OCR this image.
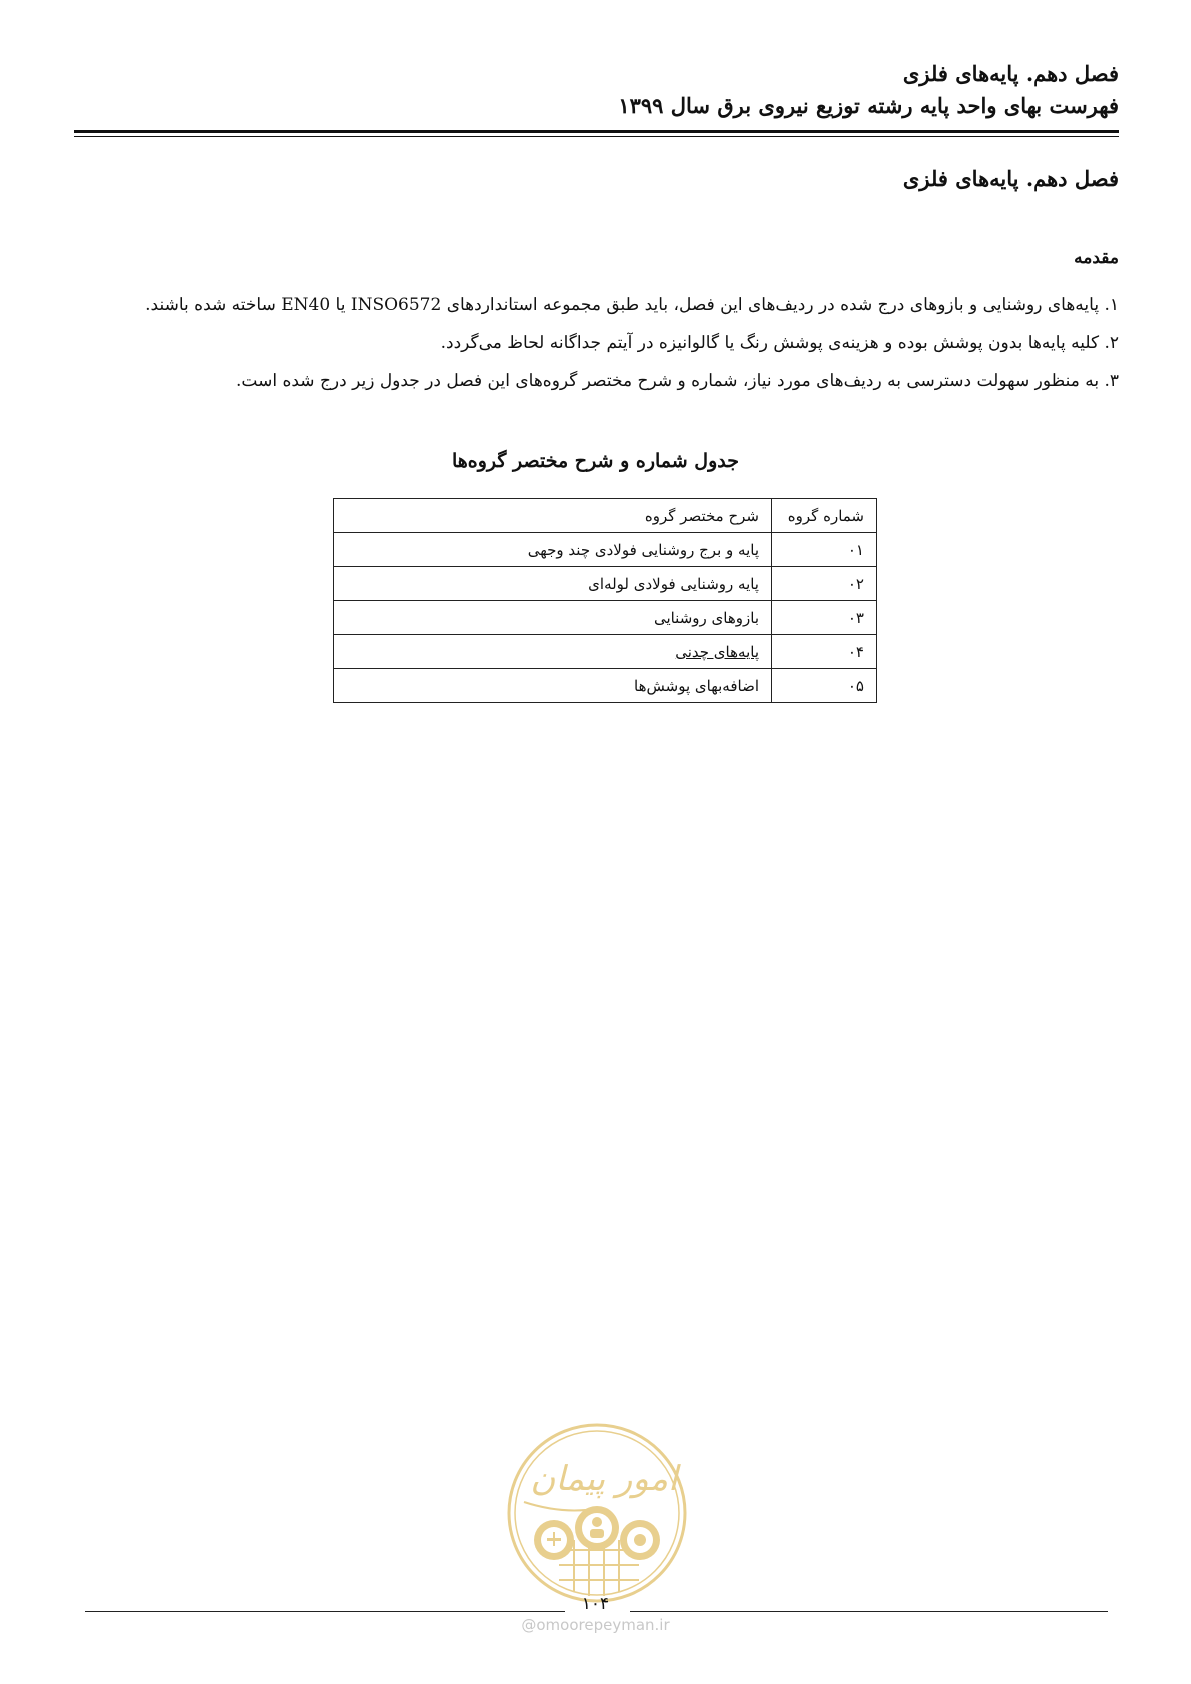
فصل دهم. پایه‌های فلزی
فهرست بهای واحد پایه رشته توزیع نیروی برق سال ۱۳۹۹
فصل دهم. پایه‌های فلزی
مقدمه
۱. پایه‌های روشنایی و بازوهای درج شده در ردیف‌های این فصل، باید طبق مجموعه استانداردهای INSO6572 یا EN40 ساخته شده باشند.
۲. کلیه پایه‌ها بدون پوشش بوده و هزینه‌ی پوشش رنگ یا گالوانیزه در آیتم جداگانه لحاظ می‌گردد.
۳. به منظور سهولت دسترسی به ردیف‌های مورد نیاز، شماره و شرح مختصر گروه‌های این فصل در جدول زیر درج شده است.
جدول شماره و شرح مختصر گروه‌ها
شماره گروه	شرح مختصر گروه
۰۱	پایه و برج روشنایی فولادی چند وجهی
۰۲	پایه روشنایی فولادی لوله‌ای
۰۳	بازوهای روشنایی
۰۴	پایه‌های چدنی
۰۵	اضافه‌بهای پوشش‌ها
امور پیمان
@omoorepeyman.ir
۱۰۴
